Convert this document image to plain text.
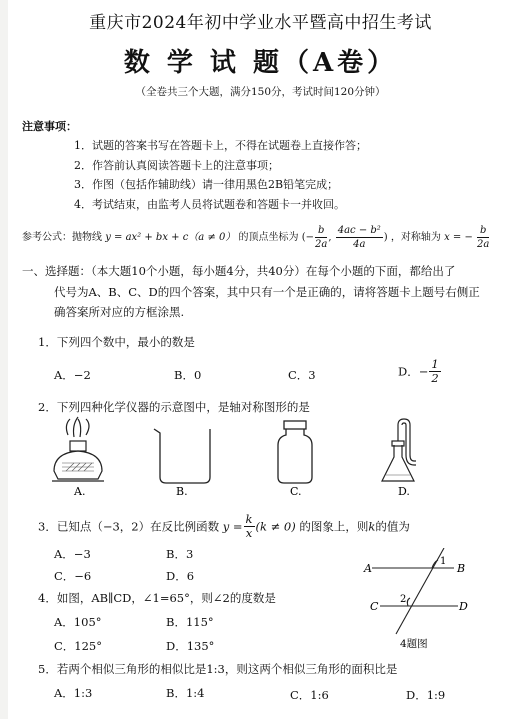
重庆市2024年初中学业水平暨高中招生考试
数 学 试 题（A卷）
（全卷共三个大题，满分150分，考试时间120分钟）
注意事项：
1．试题的答案书写在答题卡上，不得在试题卷上直接作答；
2．作答前认真阅读答题卡上的注意事项；
3．作图（包括作辅助线）请一律用黑色2B铅笔完成；
4．考试结束，由监考人员将试题卷和答题卡一并收回。
参考公式：抛物线 y = ax² + bx + c（a ≠ 0） 的顶点坐标为 (− $\frac{b}{2a}$ , $\frac{\text{4ac − b²}}{4a}$ ) ，对称轴为 x = − $\frac{b}{2a}$
一、选择题：（本大题10个小题，每小题4分，共40分）在每个小题的下面，都给出了
代号为A、B、C、D的四个答案，其中只有一个是正确的，请将答题卡上题号右侧正
确答案所对应的方框涂黑.
1．下列四个数中，最小的数是
A．−2	B．0	C．3	D．− $\frac{1}{2}$
2．下列四种化学仪器的示意图中，是轴对称图形的是
A.	B.	C.	D.
3．已知点（−3，2）在反比例函数 $y = \frac{k}{x} (k \ne 0)$ 的图象上，则k的值为
A．−3	B．3
C．−6	D．6
A	B
C	D
1
2
4题图
4．如图，AB∥CD，∠1=65°，则∠2的度数是
A．105°	B．115°
C．125°	D．135°
5．若两个相似三角形的相似比是1:3，则这两个相似三角形的面积比是
A．1:3	B．1:4	C．1:6	D．1:9
